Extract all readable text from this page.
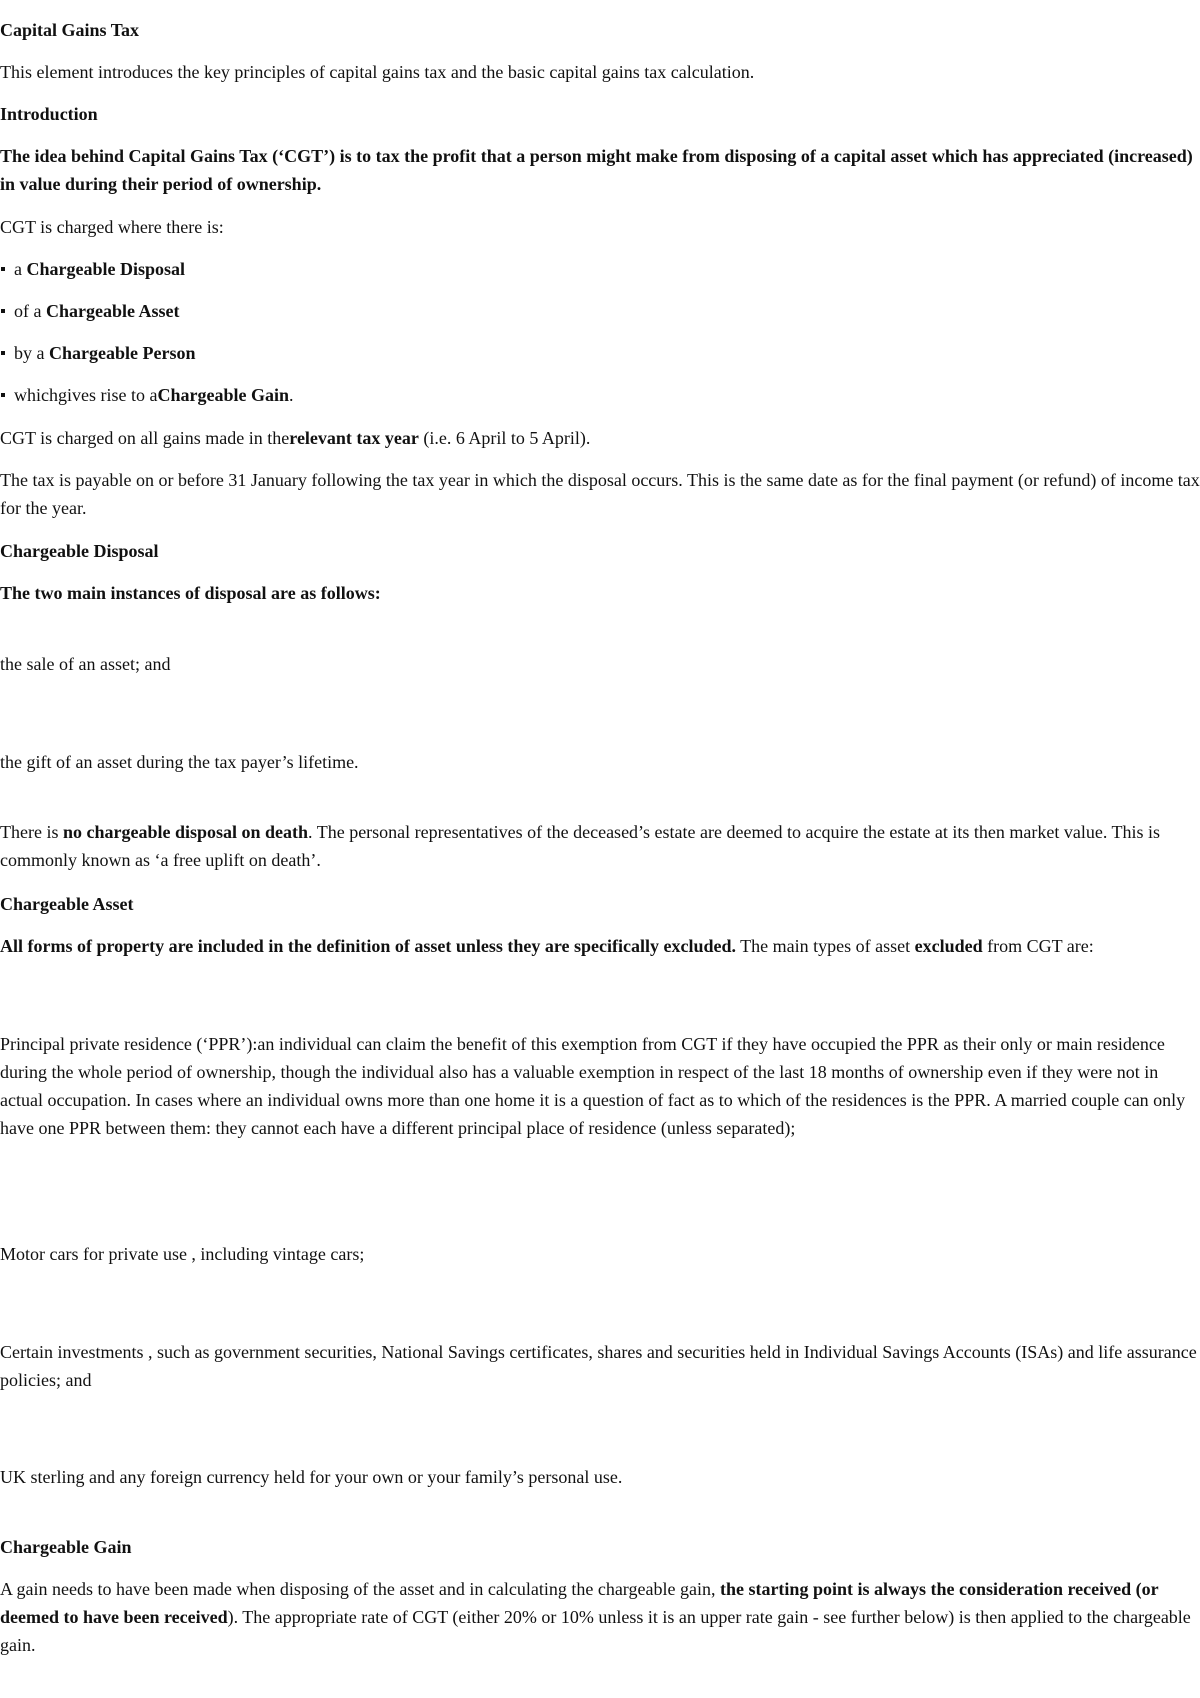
Capital Gains Tax
This element introduces the key principles of capital gains tax and the basic capital gains tax calculation.
Introduction
The idea behind Capital Gains Tax (‘CGT’) is to tax the profit that a person might make from disposing of a capital asset which has appreciated (increased) in value during their period of ownership.
CGT is charged where there is:
a Chargeable Disposal
of a Chargeable Asset
by a Chargeable Person
whichgives rise to aChargeable Gain.
CGT is charged on all gains made in therelevant tax year (i.e. 6 April to 5 April).
The tax is payable on or before 31 January following the tax year in which the disposal occurs. This is the same date as for the final payment (or refund) of income tax for the year.
Chargeable Disposal
The two main instances of disposal are as follows:
the sale of an asset; and
the gift of an asset during the tax payer’s lifetime.
There is no chargeable disposal on death. The personal representatives of the deceased’s estate are deemed to acquire the estate at its then market value. This is commonly known as ‘a free uplift on death’.
Chargeable Asset
All forms of property are included in the definition of asset unless they are specifically excluded. The main types of asset excluded from CGT are:
Principal private residence (‘PPR’):an individual can claim the benefit of this exemption from CGT if they have occupied the PPR as their only or main residence during the whole period of ownership, though the individual also has a valuable exemption in respect of the last 18 months of ownership even if they were not in actual occupation. In cases where an individual owns more than one home it is a question of fact as to which of the residences is the PPR. A married couple can only have one PPR between them: they cannot each have a different principal place of residence (unless separated);
Motor cars for private use , including vintage cars;
Certain investments , such as government securities, National Savings certificates, shares and securities held in Individual Savings Accounts (ISAs) and life assurance policies; and
UK sterling and any foreign currency held for your own or your family’s personal use.
Chargeable Gain
A gain needs to have been made when disposing of the asset and in calculating the chargeable gain, the starting point is always the consideration received (or deemed to have been received). The appropriate rate of CGT (either 20% or 10% unless it is an upper rate gain - see further below) is then applied to the chargeable gain.
